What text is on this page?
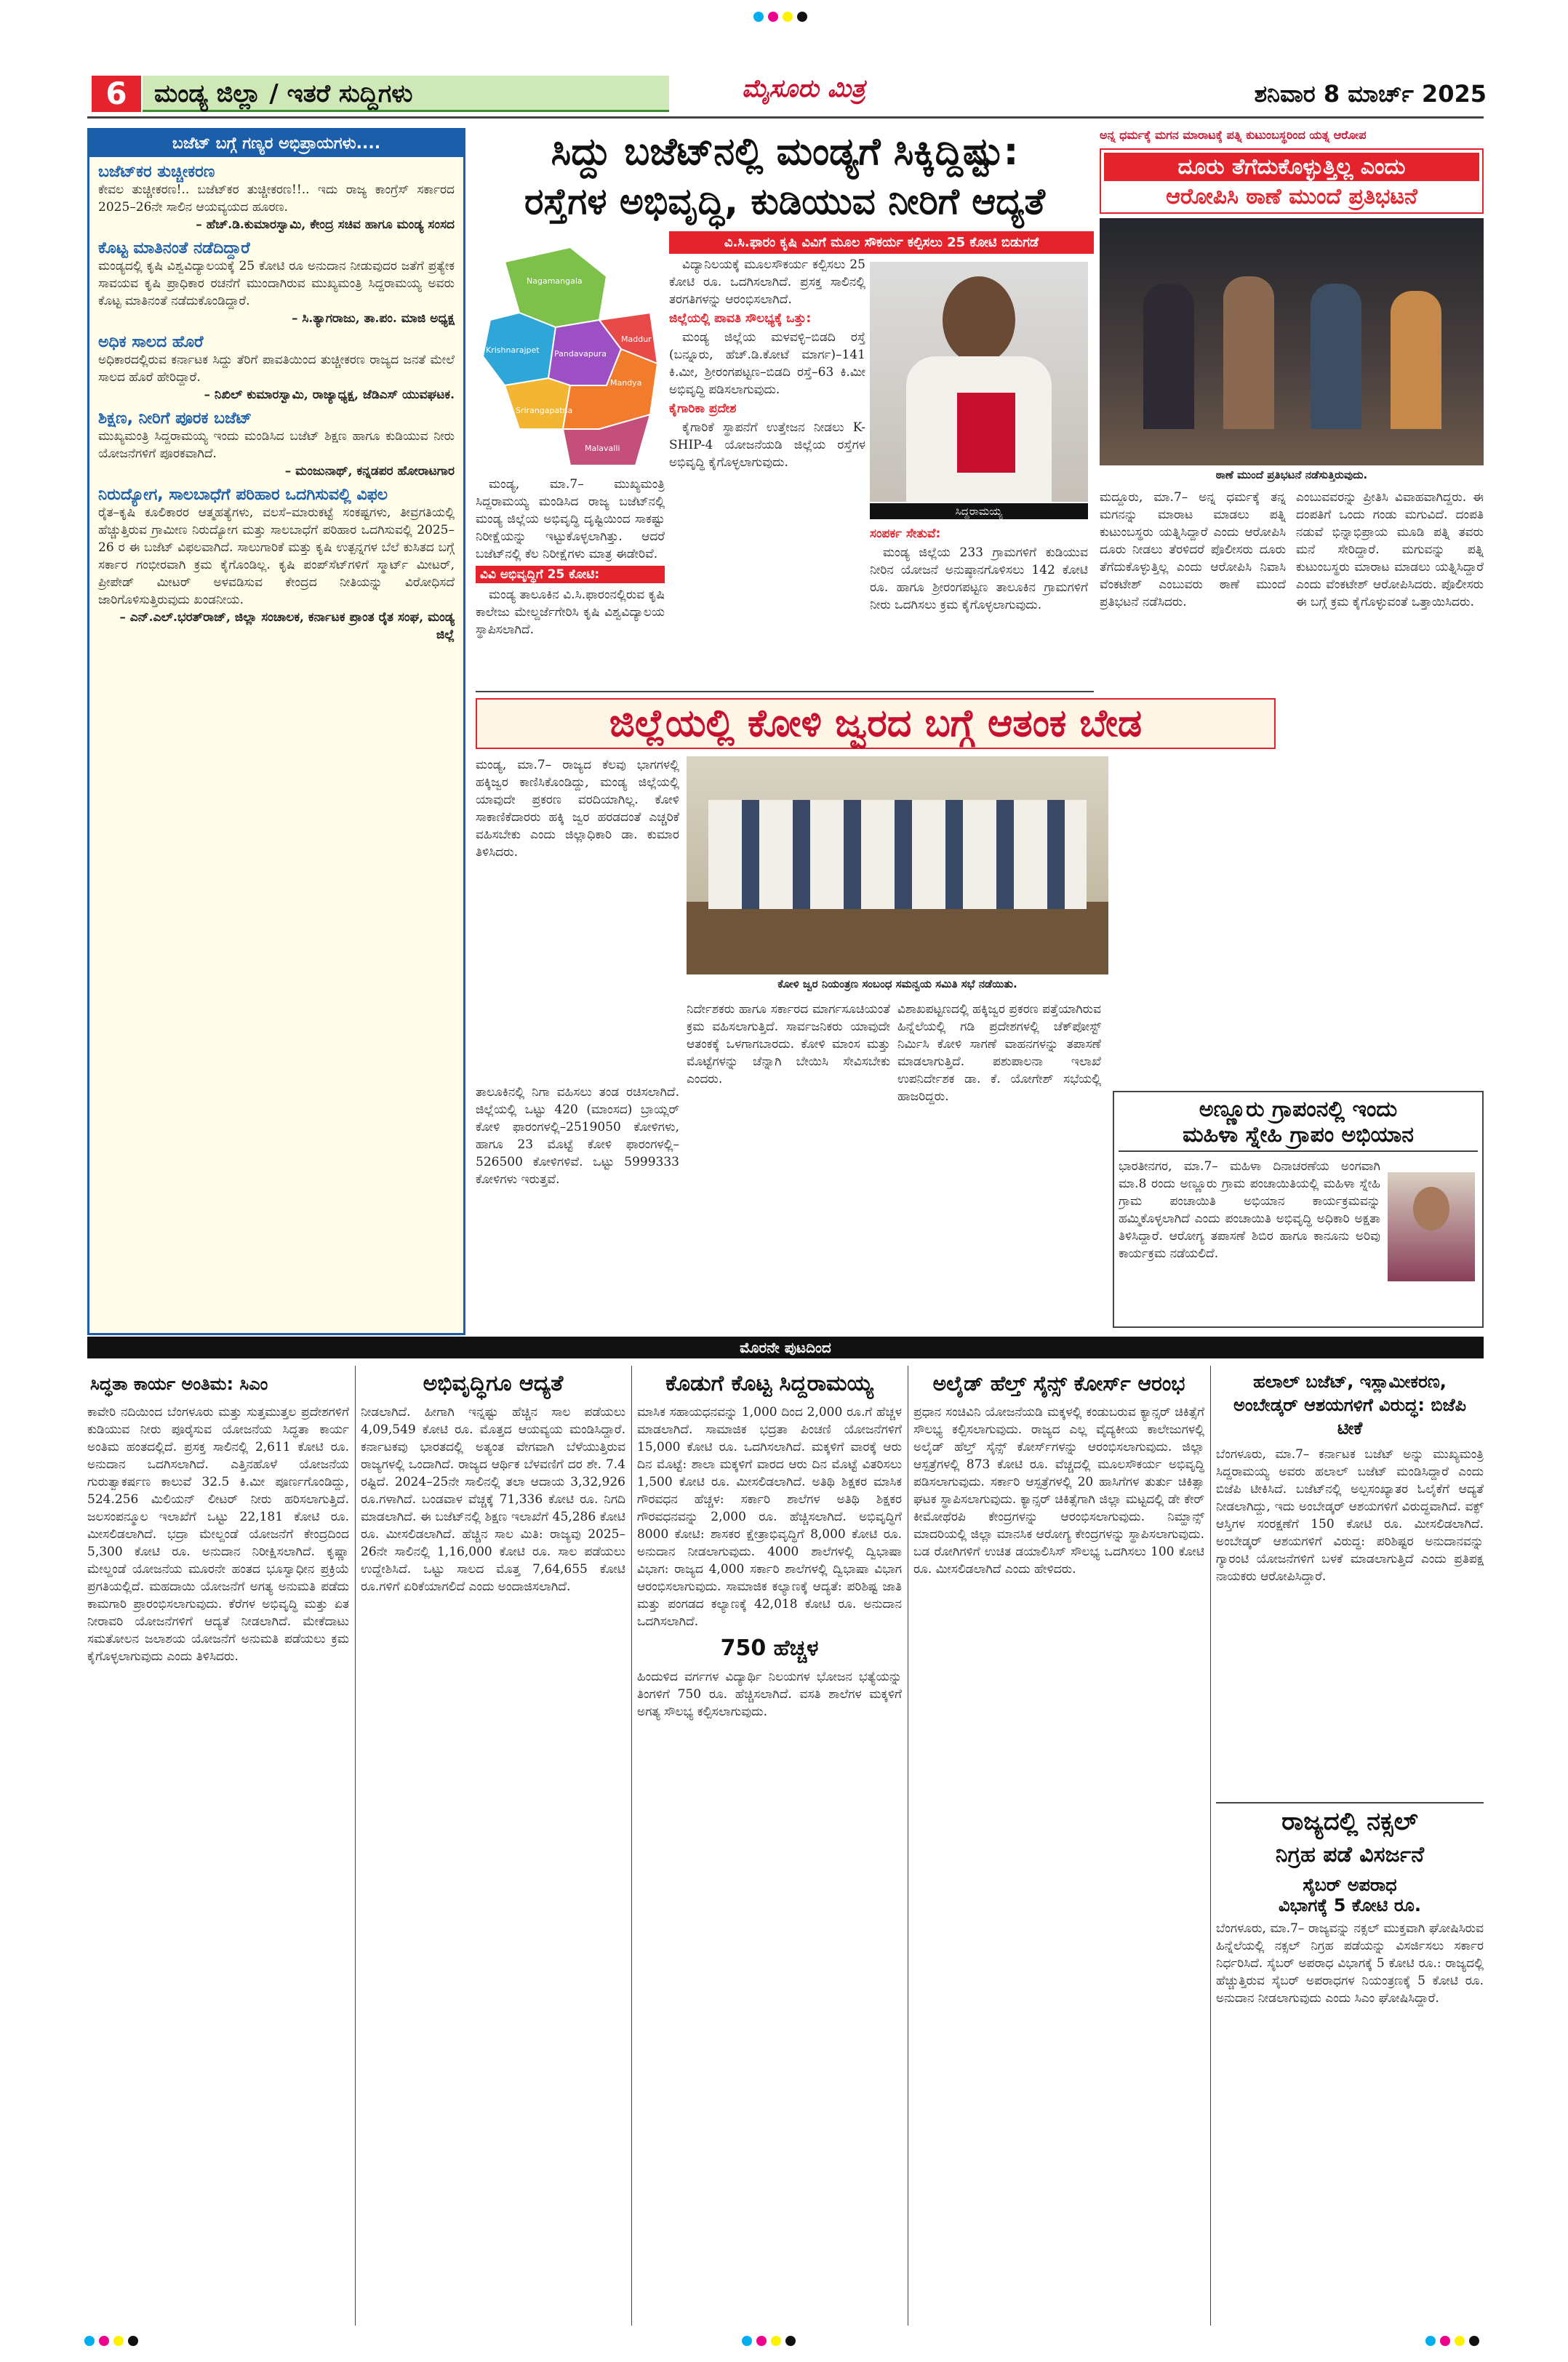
6	ಮಂಡ್ಯ ಜಿಲ್ಲಾ / ಇತರೆ ಸುದ್ದಿಗಳು	ಮೈಸೂರು ಮಿತ್ರ	ಶನಿವಾರ 8 ಮಾರ್ಚ್ 2025
ಬಜೆಟ್ ಬಗ್ಗೆ ಗಣ್ಯರ ಅಭಿಪ್ರಾಯಗಳು....
ಬಜೆಟ್‌ಕರ ತುಚ್ಚೀಕರಣ

ಕೇವಲ ತುಚ್ಚೀಕರಣ!.. ಬಜೆಟ್‌ಕರ ತುಚ್ಚೀಕರಣ!!.. ಇದು ರಾಜ್ಯ ಕಾಂಗ್ರೆಸ್ ಸರ್ಕಾರದ 2025–26ನೇ ಸಾಲಿನ ಆಯವ್ಯಯದ ಹೂರಣ.

– ಹೆಚ್.ಡಿ.ಕುಮಾರಸ್ವಾಮಿ, ಕೇಂದ್ರ ಸಚಿವ ಹಾಗೂ ಮಂಡ್ಯ ಸಂಸದ

ಕೊಟ್ಟ ಮಾತಿನಂತೆ ನಡೆದಿದ್ದಾರೆ

ಮಂಡ್ಯದಲ್ಲಿ ಕೃಷಿ ವಿಶ್ವವಿದ್ಯಾಲಯಕ್ಕೆ 25 ಕೋಟಿ ರೂ ಅನುದಾನ ನೀಡುವುದರ ಜತೆಗೆ ಪ್ರತ್ಯೇಕ ಸಾವಯವ ಕೃಷಿ ಪ್ರಾಧಿಕಾರ ರಚನೆಗೆ ಮುಂದಾಗಿರುವ ಮುಖ್ಯಮಂತ್ರಿ ಸಿದ್ದರಾಮಯ್ಯ ಅವರು ಕೊಟ್ಟ ಮಾತಿನಂತೆ ನಡೆದುಕೊಂಡಿದ್ದಾರೆ.

– ಸಿ.ತ್ಯಾಗರಾಜು, ತಾ.ಪಂ. ಮಾಜಿ ಅಧ್ಯಕ್ಷ

ಅಧಿಕ ಸಾಲದ ಹೊರೆ

ಅಧಿಕಾರದಲ್ಲಿರುವ ಕರ್ನಾಟಕ ಸಿದ್ದು ತೆರಿಗೆ ಪಾವತಿಯಿಂದ ತುಚ್ಚೀಕರಣ ರಾಜ್ಯದ ಜನತೆ ಮೇಲೆ ಸಾಲದ ಹೊರೆ ಹೇರಿದ್ದಾರೆ.

– ನಿಖಿಲ್ ಕುಮಾರಸ್ವಾಮಿ, ರಾಜ್ಯಾಧ್ಯಕ್ಷ, ಜೆಡಿಎಸ್ ಯುವಘಟಕ.

ಶಿಕ್ಷಣ, ನೀರಿಗೆ ಪೂರಕ ಬಜೆಟ್

ಮುಖ್ಯಮಂತ್ರಿ ಸಿದ್ದರಾಮಯ್ಯ ಇಂದು ಮಂಡಿಸಿದ ಬಜೆಟ್ ಶಿಕ್ಷಣ ಹಾಗೂ ಕುಡಿಯುವ ನೀರು ಯೋಜನೆಗಳಿಗೆ ಪೂರಕವಾಗಿದೆ.

– ಮಂಜುನಾಥ್, ಕನ್ನಡಪರ ಹೋರಾಟಗಾರ

ನಿರುದ್ಯೋಗ, ಸಾಲಬಾಧೆಗೆ ಪರಿಹಾರ ಒದಗಿಸುವಲ್ಲಿ ವಿಫಲ

ರೈತ–ಕೃಷಿ ಕೂಲಿಕಾರರ ಆತ್ಮಹತ್ಯೆಗಳು, ವಲಸೆ–ಮಾರುಕಟ್ಟೆ ಸಂಕಷ್ಟಗಳು, ತೀವ್ರಗತಿಯಲ್ಲಿ ಹೆಚ್ಚುತ್ತಿರುವ ಗ್ರಾಮೀಣ ನಿರುದ್ಯೋಗ ಮತ್ತು ಸಾಲಬಾಧೆಗೆ ಪರಿಹಾರ ಒದಗಿಸುವಲ್ಲಿ 2025–26 ರ ಈ ಬಜೆಟ್ ವಿಫಲವಾಗಿದೆ. ಸಾಲುಗಾರಿಕೆ ಮತ್ತು ಕೃಷಿ ಉತ್ಪನ್ನಗಳ ಬೆಲೆ ಕುಸಿತದ ಬಗ್ಗೆ ಸರ್ಕಾರ ಗಂಭೀರವಾಗಿ ಕ್ರಮ ಕೈಗೊಂಡಿಲ್ಲ. ಕೃಷಿ ಪಂಪ್‌ಸೆಟ್‌ಗಳಿಗೆ ಸ್ಮಾರ್ಟ್ ಮೀಟರ್, ಪ್ರೀಪೇಡ್ ಮೀಟರ್ ಅಳವಡಿಸುವ ಕೇಂದ್ರದ ನೀತಿಯನ್ನು ವಿರೋಧಿಸದೆ ಜಾರಿಗೊಳಿಸುತ್ತಿರುವುದು ಖಂಡನೀಯ.

– ಎನ್.ಎಲ್.ಭರತ್‌ರಾಜ್, ಜಿಲ್ಲಾ ಸಂಚಾಲಕ, ಕರ್ನಾಟಕ ಪ್ರಾಂತ ರೈತ ಸಂಘ, ಮಂಡ್ಯ ಜಿಲ್ಲೆ

ಸಿದ್ದು ಬಜೆಟ್‌ನಲ್ಲಿ ಮಂಡ್ಯಗೆ ಸಿಕ್ಕಿದ್ದಿಷ್ಟು:
ರಸ್ತೆಗಳ ಅಭಿವೃದ್ಧಿ, ಕುಡಿಯುವ ನೀರಿಗೆ ಆದ್ಯತೆ
ವಿ.ಸಿ.ಫಾರಂ ಕೃಷಿ ವಿವಿಗೆ ಮೂಲ ಸೌಕರ್ಯ ಕಲ್ಪಿಸಲು 25 ಕೋಟಿ ಬಿಡುಗಡೆ
Nagamangala
Krishnarajpet Pandavapura
Mandya
Maddur
Malavalli
Srirangapatna

ಮಂಡ್ಯ, ಮಾ.7– ಮುಖ್ಯಮಂತ್ರಿ ಸಿದ್ದರಾಮಯ್ಯ ಮಂಡಿಸಿದ ರಾಜ್ಯ ಬಜೆಟ್‌ನಲ್ಲಿ ಮಂಡ್ಯ ಜಿಲ್ಲೆಯ ಅಭಿವೃದ್ಧಿ ದೃಷ್ಟಿಯಿಂದ ಸಾಕಷ್ಟು ನಿರೀಕ್ಷೆಯನ್ನು ಇಟ್ಟುಕೊಳ್ಳಲಾಗಿತ್ತು. ಆದರೆ ಬಜೆಟ್‌ನಲ್ಲಿ ಕೆಲ ನಿರೀಕ್ಷೆಗಳು ಮಾತ್ರ ಈಡೇರಿವೆ.

ವಿವಿ ಅಭಿವೃದ್ಧಿಗೆ 25 ಕೋಟಿ:

ಮಂಡ್ಯ ತಾಲೂಕಿನ ವಿ.ಸಿ.ಫಾರಂನಲ್ಲಿರುವ ಕೃಷಿ ಕಾಲೇಜು ಮೇಲ್ದರ್ಜೆಗೇರಿಸಿ ಕೃಷಿ ವಿಶ್ವವಿದ್ಯಾಲಯ ಸ್ಥಾಪಿಸಲಾಗಿದೆ.

ವಿದ್ಯಾನಿಲಯಕ್ಕೆ ಮೂಲಸೌಕರ್ಯ ಕಲ್ಪಿಸಲು 25 ಕೋಟಿ ರೂ. ಒದಗಿಸಲಾಗಿದೆ. ಪ್ರಸಕ್ತ ಸಾಲಿನಲ್ಲಿ ತರಗತಿಗಳನ್ನು ಆರಂಭಿಸಲಾಗಿದೆ.

ಜಿಲ್ಲೆಯಲ್ಲಿ ಪಾವತಿ ಸೌಲಭ್ಯಕ್ಕೆ ಒತ್ತು:

ಮಂಡ್ಯ ಜಿಲ್ಲೆಯ ಮಳವಳ್ಳಿ–ಬಿಡದಿ ರಸ್ತೆ (ಬನ್ನೂರು, ಹೆಚ್.ಡಿ.ಕೋಟೆ ಮಾರ್ಗ)–141 ಕಿ.ಮೀ, ಶ್ರೀರಂಗಪಟ್ಟಣ–ಬಿಡದಿ ರಸ್ತೆ–63 ಕಿ.ಮೀ ಅಭಿವೃದ್ಧಿ ಪಡಿಸಲಾಗುವುದು.

ಕೈಗಾರಿಕಾ ಪ್ರದೇಶ

ಕೈಗಾರಿಕೆ ಸ್ಥಾಪನೆಗೆ ಉತ್ತೇಜನ ನೀಡಲು K-SHIP-4 ಯೋಜನೆಯಡಿ ಜಿಲ್ಲೆಯ ರಸ್ತೆಗಳ ಅಭಿವೃದ್ಧಿ ಕೈಗೊಳ್ಳಲಾಗುವುದು.

ಸಿದ್ದರಾಮಯ್ಯ
ಸಂಪರ್ಕ ಸೇತುವೆ:

ಮಂಡ್ಯ ಜಿಲ್ಲೆಯ 233 ಗ್ರಾಮಗಳಿಗೆ ಕುಡಿಯುವ ನೀರಿನ ಯೋಜನೆ ಅನುಷ್ಠಾನಗೊಳಿಸಲು 142 ಕೋಟಿ ರೂ. ಹಾಗೂ ಶ್ರೀರಂಗಪಟ್ಟಣ ತಾಲೂಕಿನ ಗ್ರಾಮಗಳಿಗೆ ನೀರು ಒದಗಿಸಲು ಕ್ರಮ ಕೈಗೊಳ್ಳಲಾಗುವುದು.

ಅನ್ನ ಧರ್ಮಕ್ಕೆ ಮಗನ ಮಾರಾಟಕ್ಕೆ ಪತ್ನಿ ಕುಟುಂಬಸ್ಥರಿಂದ ಯತ್ನ ಆರೋಪ
ದೂರು ತೆಗೆದುಕೊಳ್ಳುತ್ತಿಲ್ಲ ಎಂದು
ಆರೋಪಿಸಿ ಠಾಣೆ ಮುಂದೆ ಪ್ರತಿಭಟನೆ
ಠಾಣೆ ಮುಂದೆ ಪ್ರತಿಭಟನೆ ನಡೆಸುತ್ತಿರುವುದು.
ಮದ್ದೂರು, ಮಾ.7– ಅನ್ನ ಧರ್ಮಕ್ಕೆ ತನ್ನ ಮಗನನ್ನು ಮಾರಾಟ ಮಾಡಲು ಪತ್ನಿ ಕುಟುಂಬಸ್ಥರು ಯತ್ನಿಸಿದ್ದಾರೆ ಎಂದು ಆರೋಪಿಸಿ ದೂರು ನೀಡಲು ತೆರಳಿದರೆ ಪೊಲೀಸರು ದೂರು ತೆಗೆದುಕೊಳ್ಳುತ್ತಿಲ್ಲ ಎಂದು ಆರೋಪಿಸಿ ನಿವಾಸಿ ವೆಂಕಟೇಶ್ ಎಂಬುವರು ಠಾಣೆ ಮುಂದೆ ಪ್ರತಿಭಟನೆ ನಡೆಸಿದರು.
ಎಂಬುವವರನ್ನು ಪ್ರೀತಿಸಿ ವಿವಾಹವಾಗಿದ್ದರು. ಈ ದಂಪತಿಗೆ ಒಂದು ಗಂಡು ಮಗುವಿದೆ. ದಂಪತಿ ನಡುವೆ ಭಿನ್ನಾಭಿಪ್ರಾಯ ಮೂಡಿ ಪತ್ನಿ ತವರು ಮನೆ ಸೇರಿದ್ದಾರೆ. ಮಗುವನ್ನು ಪತ್ನಿ ಕುಟುಂಬಸ್ಥರು ಮಾರಾಟ ಮಾಡಲು ಯತ್ನಿಸಿದ್ದಾರೆ ಎಂದು ವೆಂಕಟೇಶ್ ಆರೋಪಿಸಿದರು. ಪೊಲೀಸರು ಈ ಬಗ್ಗೆ ಕ್ರಮ ಕೈಗೊಳ್ಳುವಂತೆ ಒತ್ತಾಯಿಸಿದರು.
ಜಿಲ್ಲೆಯಲ್ಲಿ ಕೋಳಿ ಜ್ವರದ ಬಗ್ಗೆ ಆತಂಕ ಬೇಡ
ಮಂಡ್ಯ, ಮಾ.7– ರಾಜ್ಯದ ಕೆಲವು ಭಾಗಗಳಲ್ಲಿ ಹಕ್ಕಿಜ್ವರ ಕಾಣಿಸಿಕೊಂಡಿದ್ದು, ಮಂಡ್ಯ ಜಿಲ್ಲೆಯಲ್ಲಿ ಯಾವುದೇ ಪ್ರಕರಣ ವರದಿಯಾಗಿಲ್ಲ. ಕೋಳಿ ಸಾಕಾಣಿಕೆದಾರರು ಹಕ್ಕಿ ಜ್ವರ ಹರಡದಂತೆ ಎಚ್ಚರಿಕೆ ವಹಿಸಬೇಕು ಎಂದು ಜಿಲ್ಲಾಧಿಕಾರಿ ಡಾ. ಕುಮಾರ ತಿಳಿಸಿದರು.
ಕೋಳಿ ಜ್ವರ ನಿಯಂತ್ರಣ ಸಂಬಂಧ ಸಮನ್ವಯ ಸಮಿತಿ ಸಭೆ ನಡೆಯಿತು.
ತಾಲೂಕಿನಲ್ಲಿ ನಿಗಾ ವಹಿಸಲು ತಂಡ ರಚಿಸಲಾಗಿದೆ. ಜಿಲ್ಲೆಯಲ್ಲಿ ಒಟ್ಟು 420 (ಮಾಂಸದ) ಬ್ರಾಯ್ಲರ್ ಕೋಳಿ ಫಾರಂಗಳಲ್ಲಿ–2519050 ಕೋಳಿಗಳು, ಹಾಗೂ 23 ಮೊಟ್ಟೆ ಕೋಳಿ ಫಾರಂಗಳಲ್ಲಿ–526500 ಕೋಳಿಗಳಿವೆ. ಒಟ್ಟು 5999333 ಕೋಳಿಗಳು ಇರುತ್ತವೆ.
ನಿರ್ದೇಶಕರು ಹಾಗೂ ಸರ್ಕಾರದ ಮಾರ್ಗಸೂಚಿಯಂತೆ ಕ್ರಮ ವಹಿಸಲಾಗುತ್ತಿದೆ. ಸಾರ್ವಜನಿಕರು ಯಾವುದೇ ಆತಂಕಕ್ಕೆ ಒಳಗಾಗಬಾರದು. ಕೋಳಿ ಮಾಂಸ ಮತ್ತು ಮೊಟ್ಟೆಗಳನ್ನು ಚೆನ್ನಾಗಿ ಬೇಯಿಸಿ ಸೇವಿಸಬೇಕು ಎಂದರು.
ವಿಶಾಖಪಟ್ಟಣದಲ್ಲಿ ಹಕ್ಕಿಜ್ವರ ಪ್ರಕರಣ ಪತ್ತೆಯಾಗಿರುವ ಹಿನ್ನೆಲೆಯಲ್ಲಿ ಗಡಿ ಪ್ರದೇಶಗಳಲ್ಲಿ ಚೆಕ್‌ಪೋಸ್ಟ್ ನಿರ್ಮಿಸಿ ಕೋಳಿ ಸಾಗಣೆ ವಾಹನಗಳನ್ನು ತಪಾಸಣೆ ಮಾಡಲಾಗುತ್ತಿದೆ. ಪಶುಪಾಲನಾ ಇಲಾಖೆ ಉಪನಿರ್ದೇಶಕ ಡಾ. ಕೆ. ಯೋಗೇಶ್ ಸಭೆಯಲ್ಲಿ ಹಾಜರಿದ್ದರು.	ಅಣ್ಣೂರು ಗ್ರಾಪಂನಲ್ಲಿ ಇಂದು
ಮಹಿಳಾ ಸ್ನೇಹಿ ಗ್ರಾಪಂ ಅಭಿಯಾನ

ಭಾರತೀನಗರ, ಮಾ.7– ಮಹಿಳಾ ದಿನಾಚರಣೆಯ ಅಂಗವಾಗಿ ಮಾ.8 ರಂದು ಅಣ್ಣೂರು ಗ್ರಾಮ ಪಂಚಾಯಿತಿಯಲ್ಲಿ ಮಹಿಳಾ ಸ್ನೇಹಿ ಗ್ರಾಮ ಪಂಚಾಯಿತಿ ಅಭಿಯಾನ ಕಾರ್ಯಕ್ರಮವನ್ನು ಹಮ್ಮಿಕೊಳ್ಳಲಾಗಿದೆ ಎಂದು ಪಂಚಾಯಿತಿ ಅಭಿವೃದ್ಧಿ ಅಧಿಕಾರಿ ಅಕ್ಷತಾ ತಿಳಿಸಿದ್ದಾರೆ. ಆರೋಗ್ಯ ತಪಾಸಣೆ ಶಿಬಿರ ಹಾಗೂ ಕಾನೂನು ಅರಿವು ಕಾರ್ಯಕ್ರಮ ನಡೆಯಲಿದೆ.

ಮೊರನೇ ಪುಟದಿಂದ
ಸಿದ್ಧತಾ ಕಾರ್ಯ ಅಂತಿಮ: ಸಿಎಂ

ಕಾವೇರಿ ನದಿಯಿಂದ ಬೆಂಗಳೂರು ಮತ್ತು ಸುತ್ತಮುತ್ತಲ ಪ್ರದೇಶಗಳಿಗೆ ಕುಡಿಯುವ ನೀರು ಪೂರೈಸುವ ಯೋಜನೆಯ ಸಿದ್ಧತಾ ಕಾರ್ಯ ಅಂತಿಮ ಹಂತದಲ್ಲಿದೆ. ಪ್ರಸಕ್ತ ಸಾಲಿನಲ್ಲಿ 2,611 ಕೋಟಿ ರೂ. ಅನುದಾನ ಒದಗಿಸಲಾಗಿದೆ. ಎತ್ತಿನಹೊಳೆ ಯೋಜನೆಯ ಗುರುತ್ವಾಕರ್ಷಣ ಕಾಲುವೆ 32.5 ಕಿ.ಮೀ ಪೂರ್ಣಗೊಂಡಿದ್ದು, 524.256 ಮಿಲಿಯನ್ ಲೀಟರ್ ನೀರು ಹರಿಸಲಾಗುತ್ತಿದೆ. ಜಲಸಂಪನ್ಮೂಲ ಇಲಾಖೆಗೆ ಒಟ್ಟು 22,181 ಕೋಟಿ ರೂ. ಮೀಸಲಿಡಲಾಗಿದೆ. ಭದ್ರಾ ಮೇಲ್ದಂಡೆ ಯೋಜನೆಗೆ ಕೇಂದ್ರದಿಂದ 5,300 ಕೋಟಿ ರೂ. ಅನುದಾನ ನಿರೀಕ್ಷಿಸಲಾಗಿದೆ. ಕೃಷ್ಣಾ ಮೇಲ್ದಂಡೆ ಯೋಜನೆಯ ಮೂರನೇ ಹಂತದ ಭೂಸ್ವಾಧೀನ ಪ್ರಕ್ರಿಯೆ ಪ್ರಗತಿಯಲ್ಲಿದೆ. ಮಹದಾಯಿ ಯೋಜನೆಗೆ ಅಗತ್ಯ ಅನುಮತಿ ಪಡೆದು ಕಾಮಗಾರಿ ಪ್ರಾರಂಭಿಸಲಾಗುವುದು. ಕೆರೆಗಳ ಅಭಿವೃದ್ಧಿ ಮತ್ತು ಏತ ನೀರಾವರಿ ಯೋಜನೆಗಳಿಗೆ ಆದ್ಯತೆ ನೀಡಲಾಗಿದೆ. ಮೇಕೆದಾಟು ಸಮತೋಲನ ಜಲಾಶಯ ಯೋಜನೆಗೆ ಅನುಮತಿ ಪಡೆಯಲು ಕ್ರಮ ಕೈಗೊಳ್ಳಲಾಗುವುದು ಎಂದು ತಿಳಿಸಿದರು.

ಅಭಿವೃದ್ಧಿಗೂ ಆದ್ಯತೆ

ನೀಡಲಾಗಿದೆ. ಹೀಗಾಗಿ ಇನ್ನಷ್ಟು ಹೆಚ್ಚಿನ ಸಾಲ ಪಡೆಯಲು 4,09,549 ಕೋಟಿ ರೂ. ಮೊತ್ತದ ಆಯವ್ಯಯ ಮಂಡಿಸಿದ್ದಾರೆ. ಕರ್ನಾಟಕವು ಭಾರತದಲ್ಲಿ ಅತ್ಯಂತ ವೇಗವಾಗಿ ಬೆಳೆಯುತ್ತಿರುವ ರಾಜ್ಯಗಳಲ್ಲಿ ಒಂದಾಗಿದೆ. ರಾಜ್ಯದ ಆರ್ಥಿಕ ಬೆಳವಣಿಗೆ ದರ ಶೇ. 7.4 ರಷ್ಟಿದೆ. 2024–25ನೇ ಸಾಲಿನಲ್ಲಿ ತಲಾ ಆದಾಯ 3,32,926 ರೂ.ಗಳಾಗಿದೆ. ಬಂಡವಾಳ ವೆಚ್ಚಕ್ಕೆ 71,336 ಕೋಟಿ ರೂ. ನಿಗದಿ ಮಾಡಲಾಗಿದೆ. ಈ ಬಜೆಟ್‌ನಲ್ಲಿ ಶಿಕ್ಷಣ ಇಲಾಖೆಗೆ 45,286 ಕೋಟಿ ರೂ. ಮೀಸಲಿಡಲಾಗಿದೆ. ಹೆಚ್ಚಿನ ಸಾಲ ಮಿತಿ: ರಾಜ್ಯವು 2025–26ನೇ ಸಾಲಿನಲ್ಲಿ 1,16,000 ಕೋಟಿ ರೂ. ಸಾಲ ಪಡೆಯಲು ಉದ್ದೇಶಿಸಿದೆ. ಒಟ್ಟು ಸಾಲದ ಮೊತ್ತ 7,64,655 ಕೋಟಿ ರೂ.ಗಳಿಗೆ ಏರಿಕೆಯಾಗಲಿದೆ ಎಂದು ಅಂದಾಜಿಸಲಾಗಿದೆ.

ಕೊಡುಗೆ ಕೊಟ್ಟ ಸಿದ್ದರಾಮಯ್ಯ

ಮಾಸಿಕ ಸಹಾಯಧನವನ್ನು 1,000 ದಿಂದ 2,000 ರೂ.ಗೆ ಹೆಚ್ಚಳ ಮಾಡಲಾಗಿದೆ. ಸಾಮಾಜಿಕ ಭದ್ರತಾ ಪಿಂಚಣಿ ಯೋಜನೆಗಳಿಗೆ 15,000 ಕೋಟಿ ರೂ. ಒದಗಿಸಲಾಗಿದೆ. ಮಕ್ಕಳಿಗೆ ವಾರಕ್ಕೆ ಆರು ದಿನ ಮೊಟ್ಟೆ: ಶಾಲಾ ಮಕ್ಕಳಿಗೆ ವಾರದ ಆರು ದಿನ ಮೊಟ್ಟೆ ವಿತರಿಸಲು 1,500 ಕೋಟಿ ರೂ. ಮೀಸಲಿಡಲಾಗಿದೆ. ಅತಿಥಿ ಶಿಕ್ಷಕರ ಮಾಸಿಕ ಗೌರವಧನ ಹೆಚ್ಚಳ: ಸರ್ಕಾರಿ ಶಾಲೆಗಳ ಅತಿಥಿ ಶಿಕ್ಷಕರ ಗೌರವಧನವನ್ನು 2,000 ರೂ. ಹೆಚ್ಚಿಸಲಾಗಿದೆ. ಅಭಿವೃದ್ಧಿಗೆ 8000 ಕೋಟಿ: ಶಾಸಕರ ಕ್ಷೇತ್ರಾಭಿವೃದ್ಧಿಗೆ 8,000 ಕೋಟಿ ರೂ. ಅನುದಾನ ನೀಡಲಾಗುವುದು. 4000 ಶಾಲೆಗಳಲ್ಲಿ ದ್ವಿಭಾಷಾ ವಿಭಾಗ: ರಾಜ್ಯದ 4,000 ಸರ್ಕಾರಿ ಶಾಲೆಗಳಲ್ಲಿ ದ್ವಿಭಾಷಾ ವಿಭಾಗ ಆರಂಭಿಸಲಾಗುವುದು. ಸಾಮಾಜಿಕ ಕಲ್ಯಾಣಕ್ಕೆ ಆದ್ಯತೆ: ಪರಿಶಿಷ್ಟ ಜಾತಿ ಮತ್ತು ಪಂಗಡದ ಕಲ್ಯಾಣಕ್ಕೆ 42,018 ಕೋಟಿ ರೂ. ಅನುದಾನ ಒದಗಿಸಲಾಗಿದೆ.

750 ಹೆಚ್ಚಳ

ಹಿಂದುಳಿದ ವರ್ಗಗಳ ವಿದ್ಯಾರ್ಥಿ ನಿಲಯಗಳ ಭೋಜನ ಭತ್ಯೆಯನ್ನು ತಿಂಗಳಿಗೆ 750 ರೂ. ಹೆಚ್ಚಿಸಲಾಗಿದೆ. ವಸತಿ ಶಾಲೆಗಳ ಮಕ್ಕಳಿಗೆ ಅಗತ್ಯ ಸೌಲಭ್ಯ ಕಲ್ಪಿಸಲಾಗುವುದು.

ಅಲೈಡ್ ಹೆಲ್ತ್ ಸೈನ್ಸ್ ಕೋರ್ಸ್ ಆರಂಭ

ಪ್ರಧಾನ ಸಂಚಿವಿನಿ ಯೋಜನೆಯಡಿ ಮಕ್ಕಳಲ್ಲಿ ಕಂಡುಬರುವ ಕ್ಯಾನ್ಸರ್ ಚಿಕಿತ್ಸೆಗೆ ಸೌಲಭ್ಯ ಕಲ್ಪಿಸಲಾಗುವುದು. ರಾಜ್ಯದ ಎಲ್ಲ ವೈದ್ಯಕೀಯ ಕಾಲೇಜುಗಳಲ್ಲಿ ಅಲೈಡ್ ಹೆಲ್ತ್ ಸೈನ್ಸ್ ಕೋರ್ಸ್‌ಗಳನ್ನು ಆರಂಭಿಸಲಾಗುವುದು. ಜಿಲ್ಲಾ ಆಸ್ಪತ್ರೆಗಳಲ್ಲಿ 873 ಕೋಟಿ ರೂ. ವೆಚ್ಚದಲ್ಲಿ ಮೂಲಸೌಕರ್ಯ ಅಭಿವೃದ್ಧಿ ಪಡಿಸಲಾಗುವುದು. ಸರ್ಕಾರಿ ಆಸ್ಪತ್ರೆಗಳಲ್ಲಿ 20 ಹಾಸಿಗೆಗಳ ತುರ್ತು ಚಿಕಿತ್ಸಾ ಘಟಕ ಸ್ಥಾಪಿಸಲಾಗುವುದು. ಕ್ಯಾನ್ಸರ್ ಚಿಕಿತ್ಸೆಗಾಗಿ ಜಿಲ್ಲಾ ಮಟ್ಟದಲ್ಲಿ ಡೇ ಕೇರ್ ಕೀಮೋಥೆರಪಿ ಕೇಂದ್ರಗಳನ್ನು ಆರಂಭಿಸಲಾಗುವುದು. ನಿಮ್ಹಾನ್ಸ್ ಮಾದರಿಯಲ್ಲಿ ಜಿಲ್ಲಾ ಮಾನಸಿಕ ಆರೋಗ್ಯ ಕೇಂದ್ರಗಳನ್ನು ಸ್ಥಾಪಿಸಲಾಗುವುದು. ಬಡ ರೋಗಿಗಳಿಗೆ ಉಚಿತ ಡಯಾಲಿಸಿಸ್ ಸೌಲಭ್ಯ ಒದಗಿಸಲು 100 ಕೋಟಿ ರೂ. ಮೀಸಲಿಡಲಾಗಿದೆ ಎಂದು ಹೇಳಿದರು.

ಹಲಾಲ್ ಬಜೆಟ್, ಇಸ್ಲಾಮೀಕರಣ, ಅಂಬೇಡ್ಕರ್ ಆಶಯಗಳಿಗೆ ವಿರುದ್ಧ: ಬಿಜೆಪಿ ಟೀಕೆ

ಬೆಂಗಳೂರು, ಮಾ.7– ಕರ್ನಾಟಕ ಬಜೆಟ್ ಅನ್ನು ಮುಖ್ಯಮಂತ್ರಿ ಸಿದ್ದರಾಮಯ್ಯ ಅವರು ಹಲಾಲ್ ಬಜೆಟ್ ಮಂಡಿಸಿದ್ದಾರೆ ಎಂದು ಬಿಜೆಪಿ ಟೀಕಿಸಿದೆ. ಬಜೆಟ್‌ನಲ್ಲಿ ಅಲ್ಪಸಂಖ್ಯಾತರ ಓಲೈಕೆಗೆ ಆದ್ಯತೆ ನೀಡಲಾಗಿದ್ದು, ಇದು ಅಂಬೇಡ್ಕರ್ ಆಶಯಗಳಿಗೆ ವಿರುದ್ಧವಾಗಿದೆ. ವಕ್ಫ್ ಆಸ್ತಿಗಳ ಸಂರಕ್ಷಣೆಗೆ 150 ಕೋಟಿ ರೂ. ಮೀಸಲಿಡಲಾಗಿದೆ. ಅಂಬೇಡ್ಕರ್ ಆಶಯಗಳಿಗೆ ವಿರುದ್ಧ: ಪರಿಶಿಷ್ಟರ ಅನುದಾನವನ್ನು ಗ್ಯಾರಂಟಿ ಯೋಜನೆಗಳಿಗೆ ಬಳಕೆ ಮಾಡಲಾಗುತ್ತಿದೆ ಎಂದು ಪ್ರತಿಪಕ್ಷ ನಾಯಕರು ಆರೋಪಿಸಿದ್ದಾರೆ.

ರಾಜ್ಯದಲ್ಲಿ ನಕ್ಸಲ್
ನಿಗ್ರಹ ಪಡೆ ವಿಸರ್ಜನೆ
ಸೈಬರ್ ಅಪರಾಧ
ವಿಭಾಗಕ್ಕೆ 5 ಕೋಟಿ ರೂ.

ಬೆಂಗಳೂರು, ಮಾ.7– ರಾಜ್ಯವನ್ನು ನಕ್ಸಲ್ ಮುಕ್ತವಾಗಿ ಘೋಷಿಸಿರುವ ಹಿನ್ನೆಲೆಯಲ್ಲಿ ನಕ್ಸಲ್ ನಿಗ್ರಹ ಪಡೆಯನ್ನು ವಿಸರ್ಜಿಸಲು ಸರ್ಕಾರ ನಿರ್ಧರಿಸಿದೆ. ಸೈಬರ್ ಅಪರಾಧ ವಿಭಾಗಕ್ಕೆ 5 ಕೋಟಿ ರೂ.: ರಾಜ್ಯದಲ್ಲಿ ಹೆಚ್ಚುತ್ತಿರುವ ಸೈಬರ್ ಅಪರಾಧಗಳ ನಿಯಂತ್ರಣಕ್ಕೆ 5 ಕೋಟಿ ರೂ. ಅನುದಾನ ನೀಡಲಾಗುವುದು ಎಂದು ಸಿಎಂ ಘೋಷಿಸಿದ್ದಾರೆ.
